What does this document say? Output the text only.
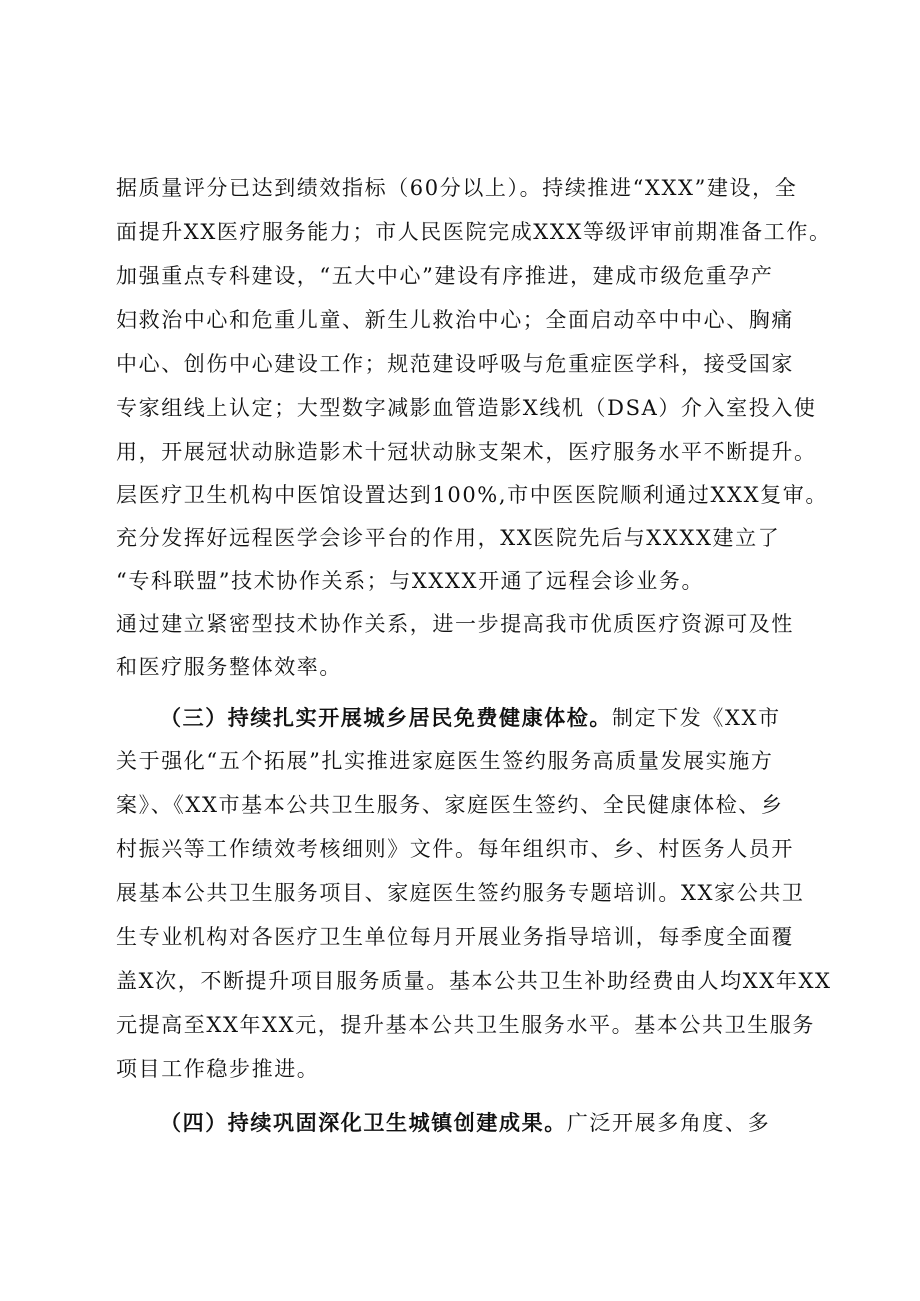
据质量评分已达到绩效指标（60分以上）。持续推进“XXX”建设，全
面提升XX医疗服务能力；市人民医院完成XXX等级评审前期准备工作。
加强重点专科建设，“五大中心”建设有序推进，建成市级危重孕产
妇救治中心和危重儿童、新生儿救治中心；全面启动卒中中心、胸痛
中心、创伤中心建设工作；规范建设呼吸与危重症医学科，接受国家
专家组线上认定；大型数字减影血管造影X线机（DSA）介入室投入使
用，开展冠状动脉造影术十冠状动脉支架术，医疗服务水平不断提升。
层医疗卫生机构中医馆设置达到100%,市中医医院顺利通过XXX复审。
充分发挥好远程医学会诊平台的作用，XX医院先后与XXXX建立了
“专科联盟”技术协作关系；与XXXX开通了远程会诊业务。
通过建立紧密型技术协作关系，进一步提高我市优质医疗资源可及性
和医疗服务整体效率。
（三）持续扎实开展城乡居民免费健康体检。制定下发《XX市
关于强化“五个拓展”扎实推进家庭医生签约服务高质量发展实施方
案》、《XX市基本公共卫生服务、家庭医生签约、全民健康体检、乡
村振兴等工作绩效考核细则》文件。每年组织市、乡、村医务人员开
展基本公共卫生服务项目、家庭医生签约服务专题培训。XX家公共卫
生专业机构对各医疗卫生单位每月开展业务指导培训，每季度全面覆
盖X次，不断提升项目服务质量。基本公共卫生补助经费由人均XX年XX
元提高至XX年XX元，提升基本公共卫生服务水平。基本公共卫生服务
项目工作稳步推进。
（四）持续巩固深化卫生城镇创建成果。广泛开展多角度、多
